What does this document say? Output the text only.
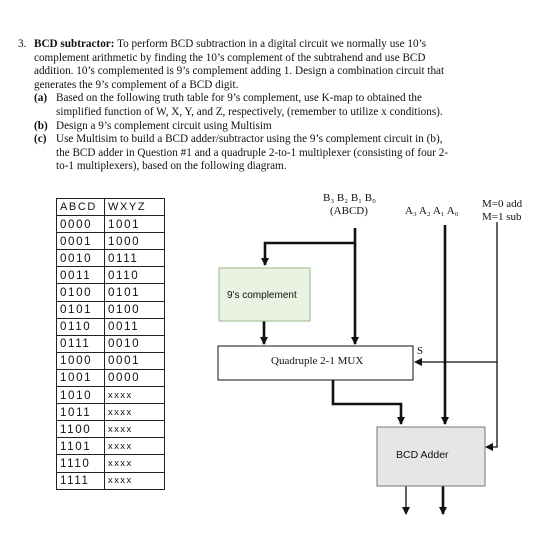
3. BCD subtractor: To perform BCD subtraction in a digital circuit we normally use 10’s
complement arithmetic by finding the 10’s complement of the subtrahend and use BCD
addition. 10’s complemented is 9’s complement adding 1. Design a combination circuit that
generates the 9’s complement of a BCD digit.
(a) Based on the following truth table for 9’s complement, use K-map to obtained the
simplified function of W, X, Y, and Z, respectively, (remember to utilize x conditions).
(b) Design a 9’s complement circuit using Multisim
(c) Use Multisim to build a BCD adder/subtractor using the 9’s complement circuit in (b),
the BCD adder in Question #1 and a quadruple 2-to-1 multiplexer (consisting of four 2-
to-1 multiplexers), based on the following diagram.
ABCD	WXYZ
0000	1001
0001	1000
0010	0111
0011	0110
0100	0101
0101	0100
0110	0011
0111	0010
1000	0001
1001	0000
1010	xxxx
1011	xxxx
1100	xxxx
1101	xxxx
1110	xxxx
1111	xxxx
B₃ B₂ B₁ B₀
(ABCD)	A₃ A₂ A₁ A₀
M=0 add
M=1 sub
9's complement
Quadruple 2-1 MUX
S
BCD Adder
